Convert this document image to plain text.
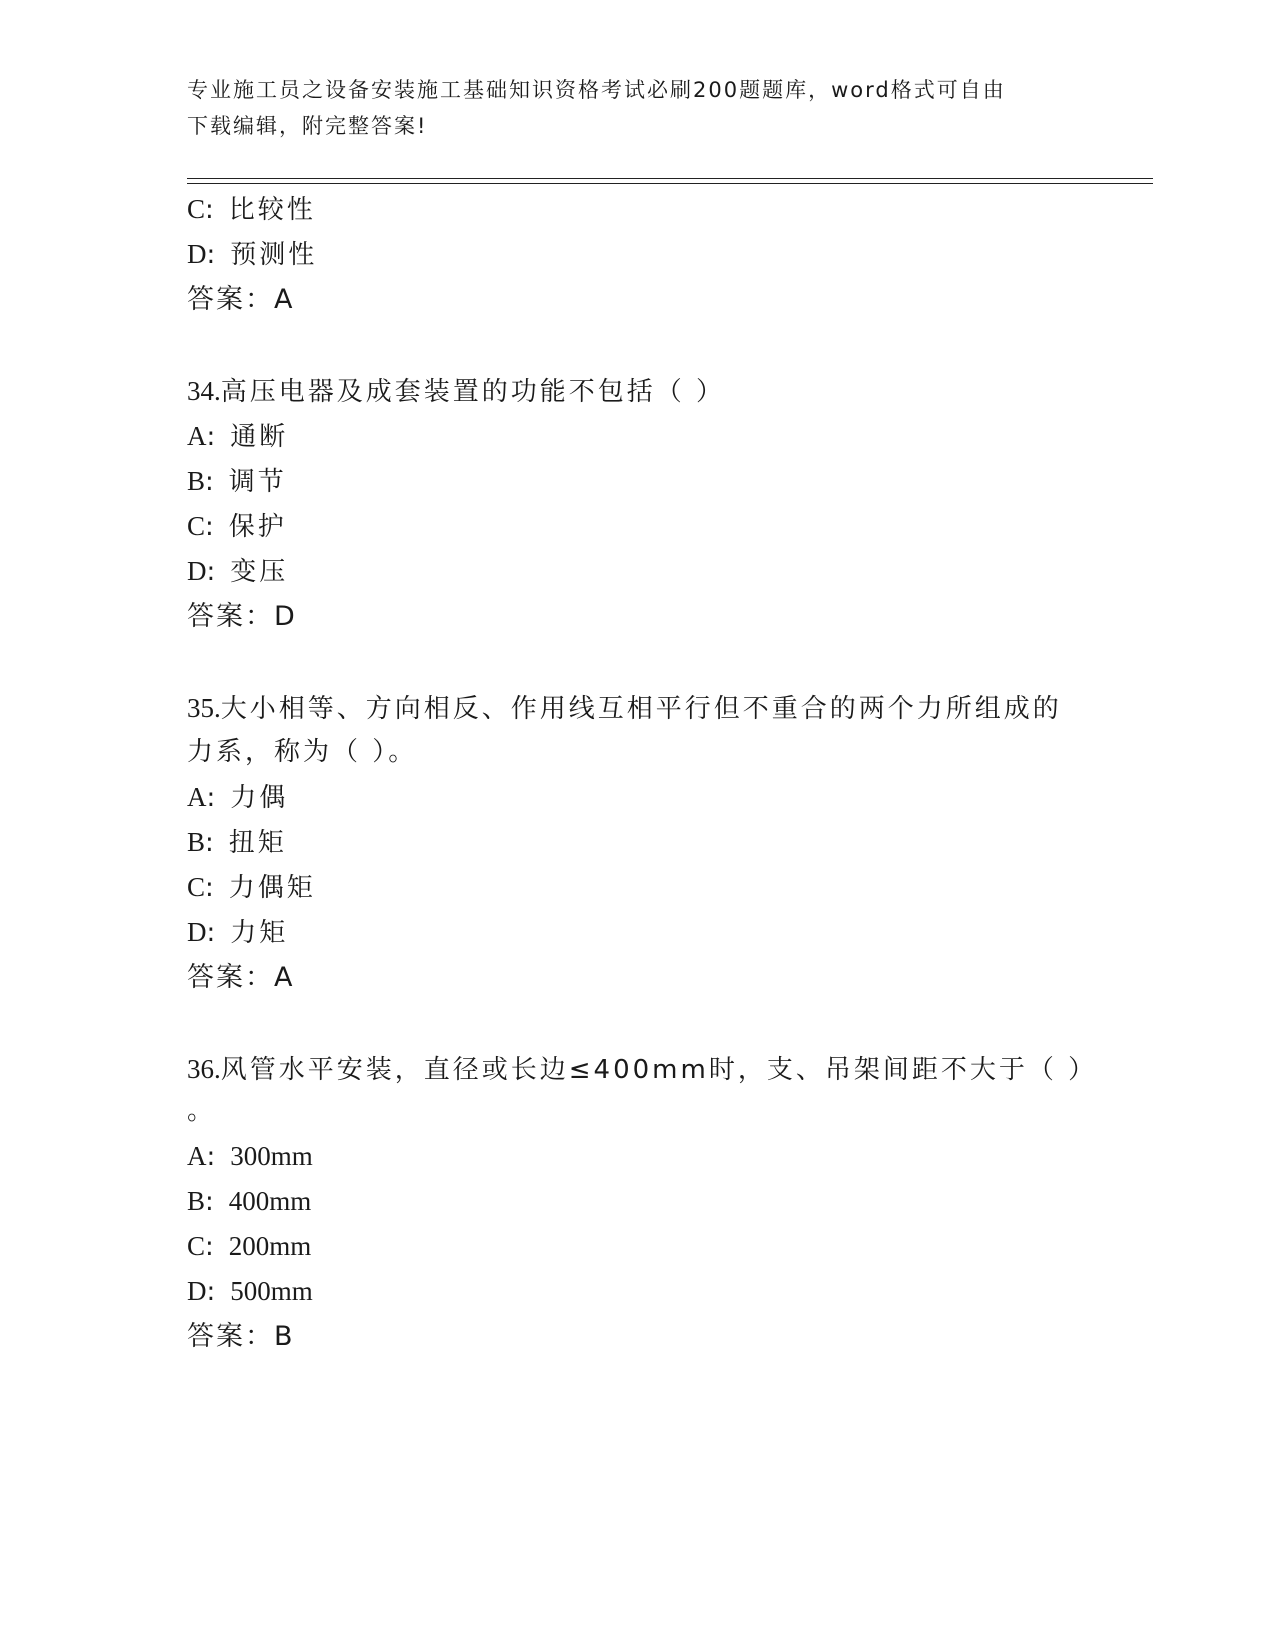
专业施工员之设备安装施工基础知识资格考试必刷200题题库，word格式可自由
下载编辑，附完整答案!
C: 比较性
D: 预测性
答案：A
34.高压电器及成套装置的功能不包括（ ）
A: 通断
B: 调节
C: 保护
D: 变压
答案：D
35.大小相等、方向相反、作用线互相平行但不重合的两个力所组成的
力系，称为（ ）。
A: 力偶
B: 扭矩
C: 力偶矩
D: 力矩
答案：A
36.风管水平安装，直径或长边≤400mm时，支、吊架间距不大于（ ）
。
A: 300mm
B: 400mm
C: 200mm
D: 500mm
答案：B
